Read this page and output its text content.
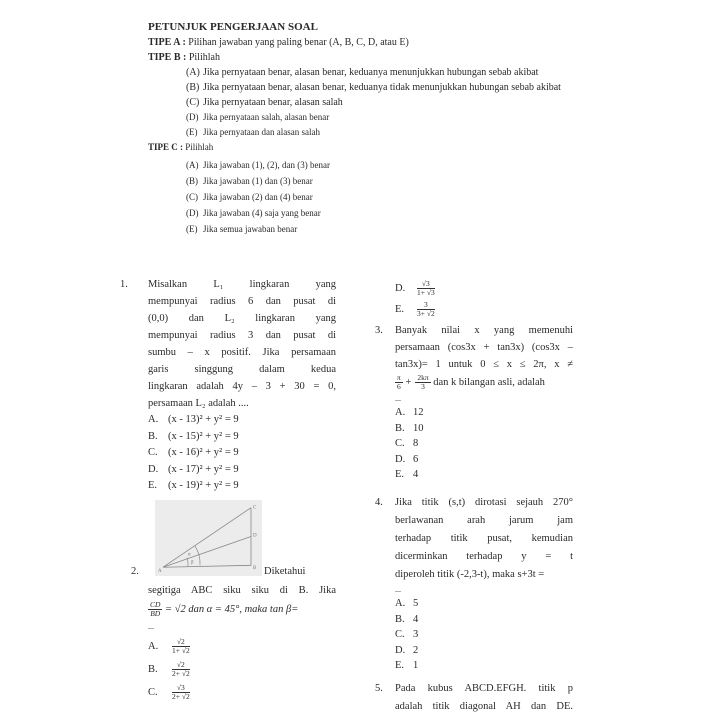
PETUNJUK PENGERJAAN SOAL
TIPE A : Pilihan jawaban yang paling benar (A, B, C, D, atau E)
TIPE B : Pilihlah
(A) Jika pernyataan benar, alasan benar, keduanya menunjukkan hubungan sebab akibat
(B) Jika pernyataan benar, alasan benar, keduanya tidak menunjukkan hubungan sebab akibat
(C) Jika pernyataan benar, alasan salah
(D) Jika pernyataan salah, alasan benar
(E) Jika pernyataan dan alasan salah
TIPE C : Pilihlah
(A) Jika jawaban (1), (2), dan (3) benar
(B) Jika jawaban (1) dan (3) benar
(C) Jika jawaban (2) dan (4) benar
(D) Jika jawaban (4) saja yang benar
(E) Jika semua jawaban benar
1. Misalkan L₁ lingkaran yang
mempunyai radius 6 dan pusat di
(0,0) dan L₂ lingkaran yang
mempunyai radius 3 dan pusat di
sumbu – x positif. Jika persamaan
garis singgung dalam kedua
lingkaran adalah 4y – 3 + 30 = 0,
persamaan L₂ adalah ....
A. (x - 13)² + y² = 9
B. (x - 15)² + y² = 9
C. (x - 16)² + y² = 9
D. (x - 17)² + y² = 9
E. (x - 19)² + y² = 9
A
B
C
D
α
β
2.	Diketahui
segitiga ABC siku siku di B. Jika
$\frac{CD}{BD} = √2$ dan α = 45°, maka tan β=
...
A. $\frac{√2}{1+ √2}$
B. $\frac{√2}{2+ √2}$
C. $\frac{√3}{2+ √2}$
D. $\frac{√3}{1+ √3}$
E. $\frac{3}{3+ √2}$
3. Banyak nilai x yang memenuhi
persamaan (cos3x + tan3x) (cos3x –
tan3x)= 1 untuk 0 ≤ x ≤ 2π, x ≠
$\frac{\pi}{6} + \frac{2k\pi}{3}$ dan k bilangan asli, adalah
...
A. 12
B. 10
C. 8
D. 6
E. 4
4. Jika titik (s,t) dirotasi sejauh 270°
berlawanan arah jarum jam
terhadap titik pusat, kemudian
dicerminkan terhadap y = t
diperoleh titik (-2,3-t), maka s+3t =
...
A. 5
B. 4
C. 3
D. 2
E. 1
5. Pada kubus ABCD.EFGH. titik p
adalah titik diagonal AH dan DE.
